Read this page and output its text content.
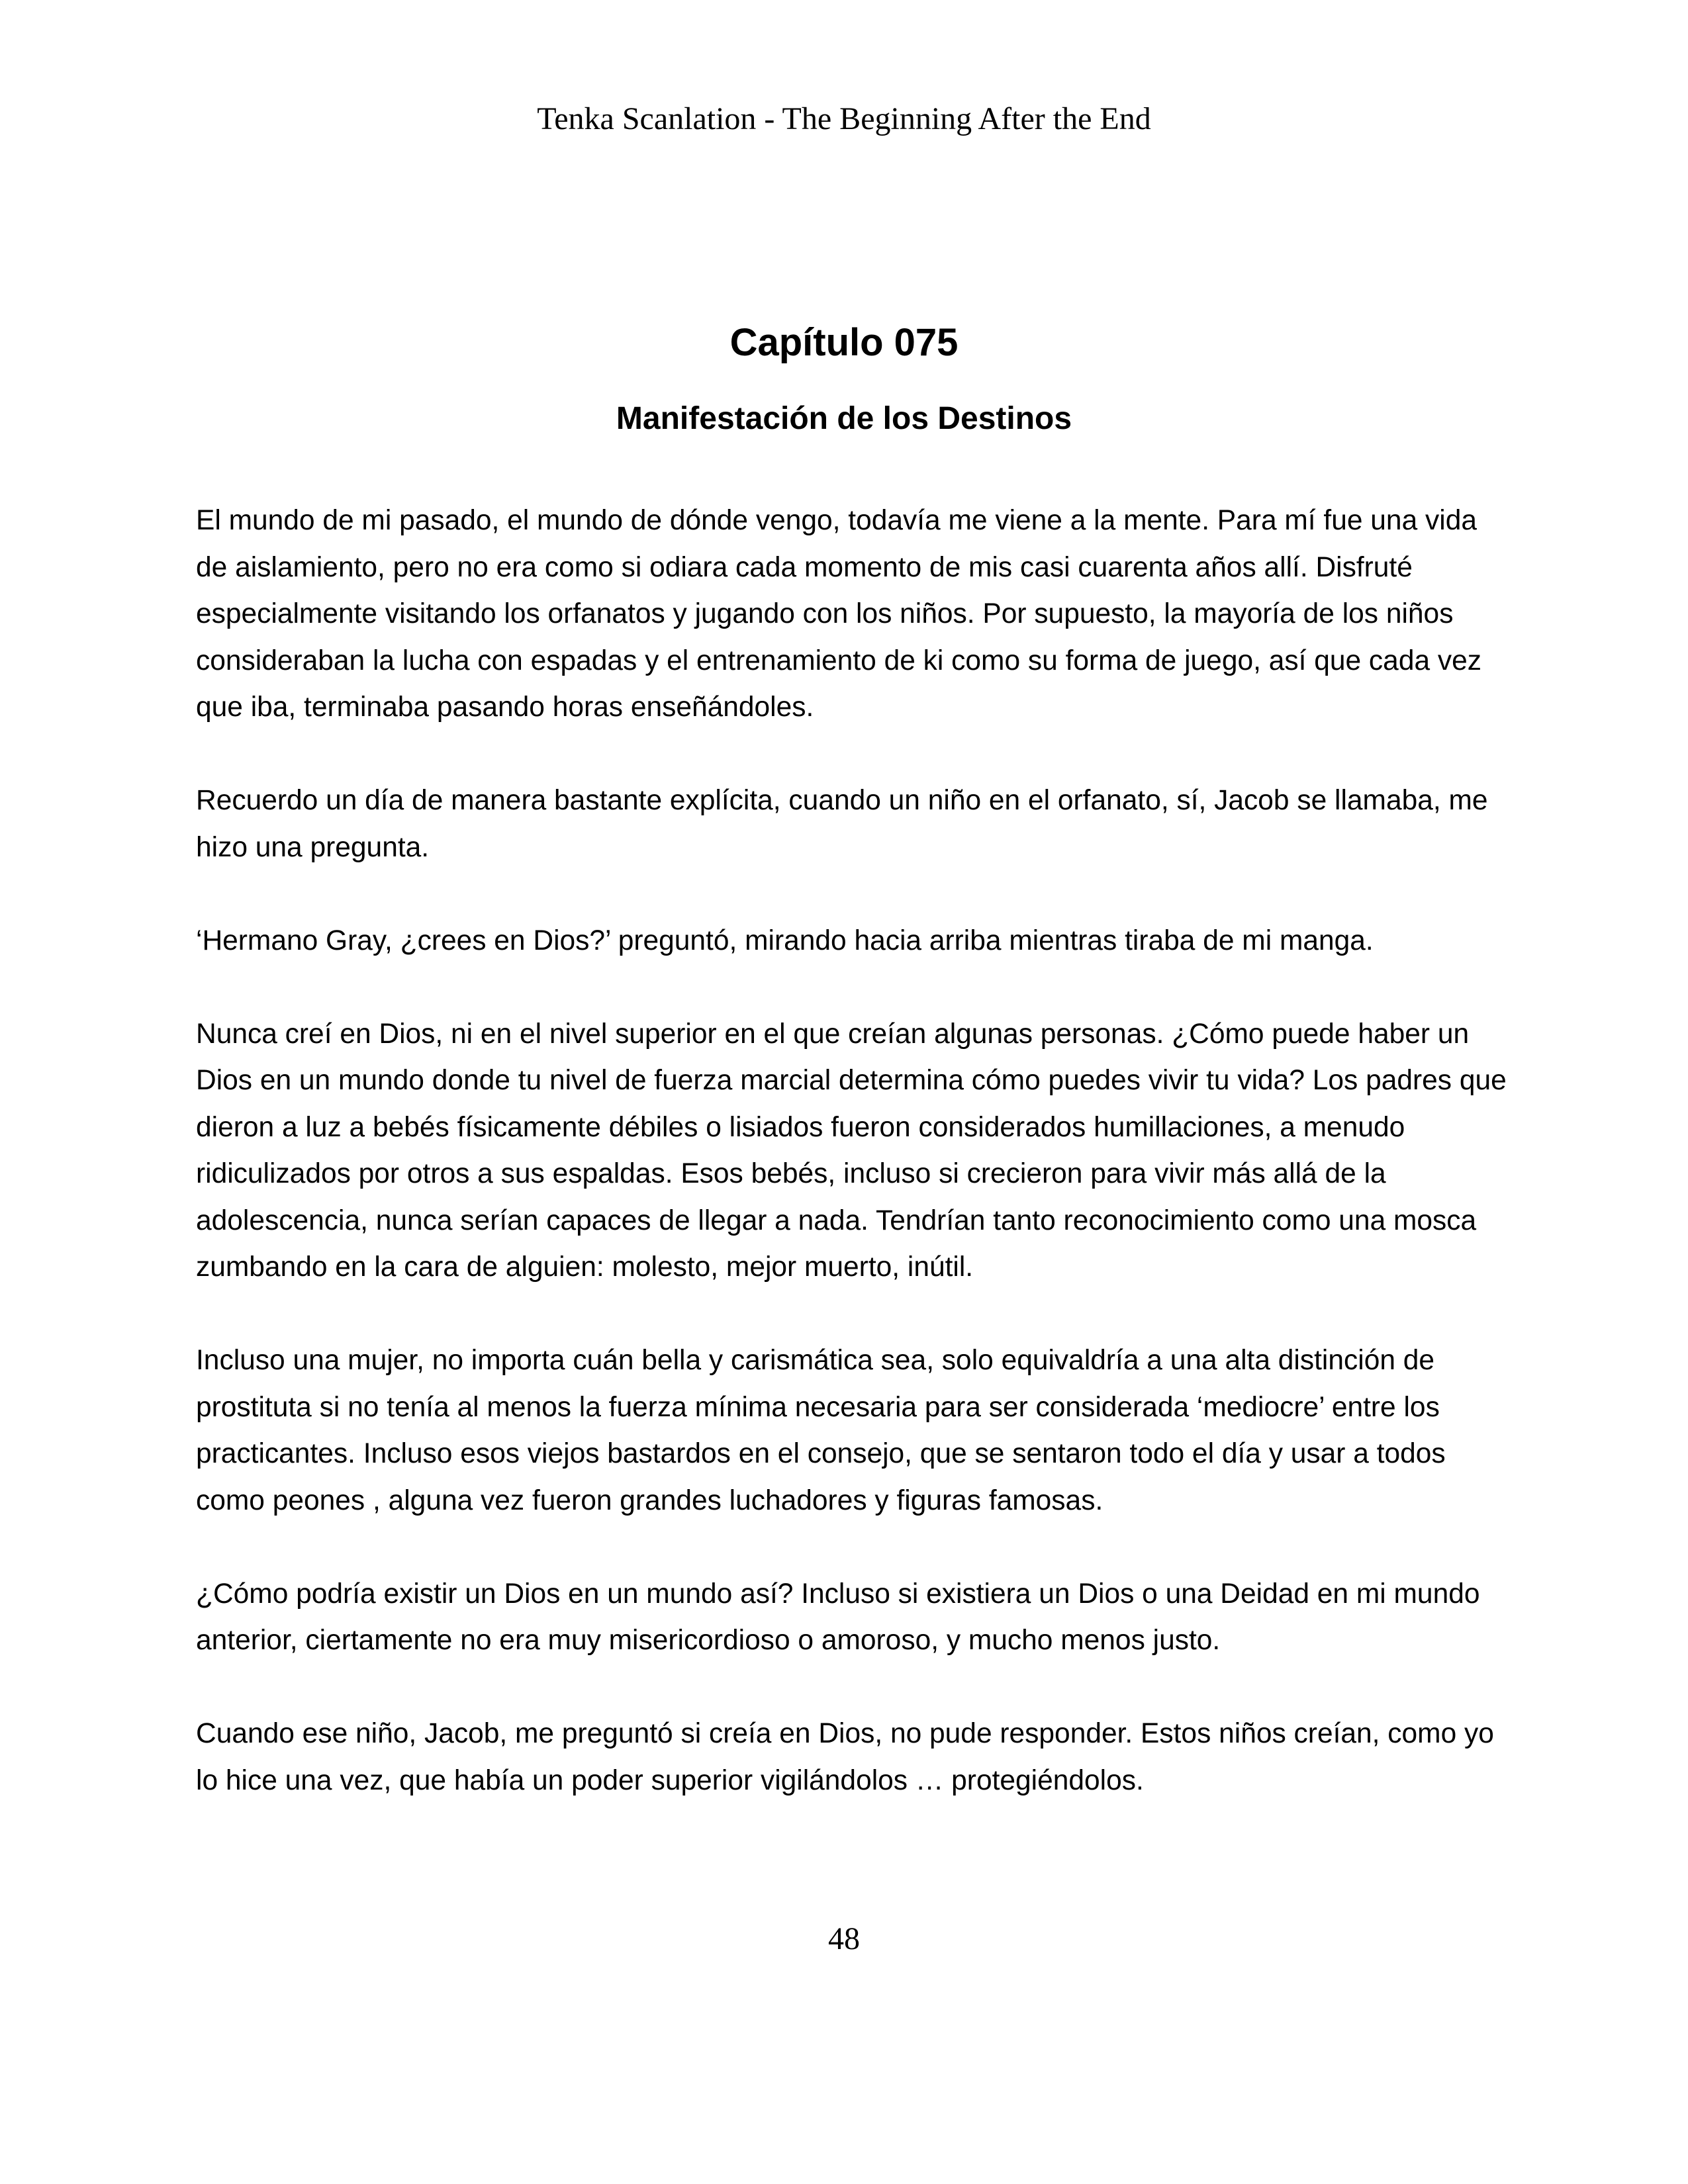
Tenka Scanlation - The Beginning After the End
Capítulo 075
Manifestación de los Destinos

El mundo de mi pasado, el mundo de dónde vengo, todavía me viene a la mente. Para mí fue una vida de aislamiento, pero no era como si odiara cada momento de mis casi cuarenta años allí. Disfruté especialmente visitando los orfanatos y jugando con los niños. Por supuesto, la mayoría de los niños consideraban la lucha con espadas y el entrenamiento de ki como su forma de juego, así que cada vez que iba, terminaba pasando horas enseñándoles.

Recuerdo un día de manera bastante explícita, cuando un niño en el orfanato, sí, Jacob se llamaba, me hizo una pregunta.

‘Hermano Gray, ¿crees en Dios?’ preguntó, mirando hacia arriba mientras tiraba de mi manga.

Nunca creí en Dios, ni en el nivel superior en el que creían algunas personas. ¿Cómo puede haber un Dios en un mundo donde tu nivel de fuerza marcial determina cómo puedes vivir tu vida? Los padres que dieron a luz a bebés físicamente débiles o lisiados fueron considerados humillaciones, a menudo ridiculizados por otros a sus espaldas. Esos bebés, incluso si crecieron para vivir más allá de la adolescencia, nunca serían capaces de llegar a nada. Tendrían tanto reconocimiento como una mosca zumbando en la cara de alguien: molesto, mejor muerto, inútil.

Incluso una mujer, no importa cuán bella y carismática sea, solo equivaldría a una alta distinción de prostituta si no tenía al menos la fuerza mínima necesaria para ser considerada ‘mediocre’ entre los practicantes. Incluso esos viejos bastardos en el consejo, que se sentaron todo el día y usar a todos como peones , alguna vez fueron grandes luchadores y figuras famosas.

¿Cómo podría existir un Dios en un mundo así? Incluso si existiera un Dios o una Deidad en mi mundo anterior, ciertamente no era muy misericordioso o amoroso, y mucho menos justo.

Cuando ese niño, Jacob, me preguntó si creía en Dios, no pude responder. Estos niños creían, como yo lo hice una vez, que había un poder superior vigilándolos … protegiéndolos.

48
